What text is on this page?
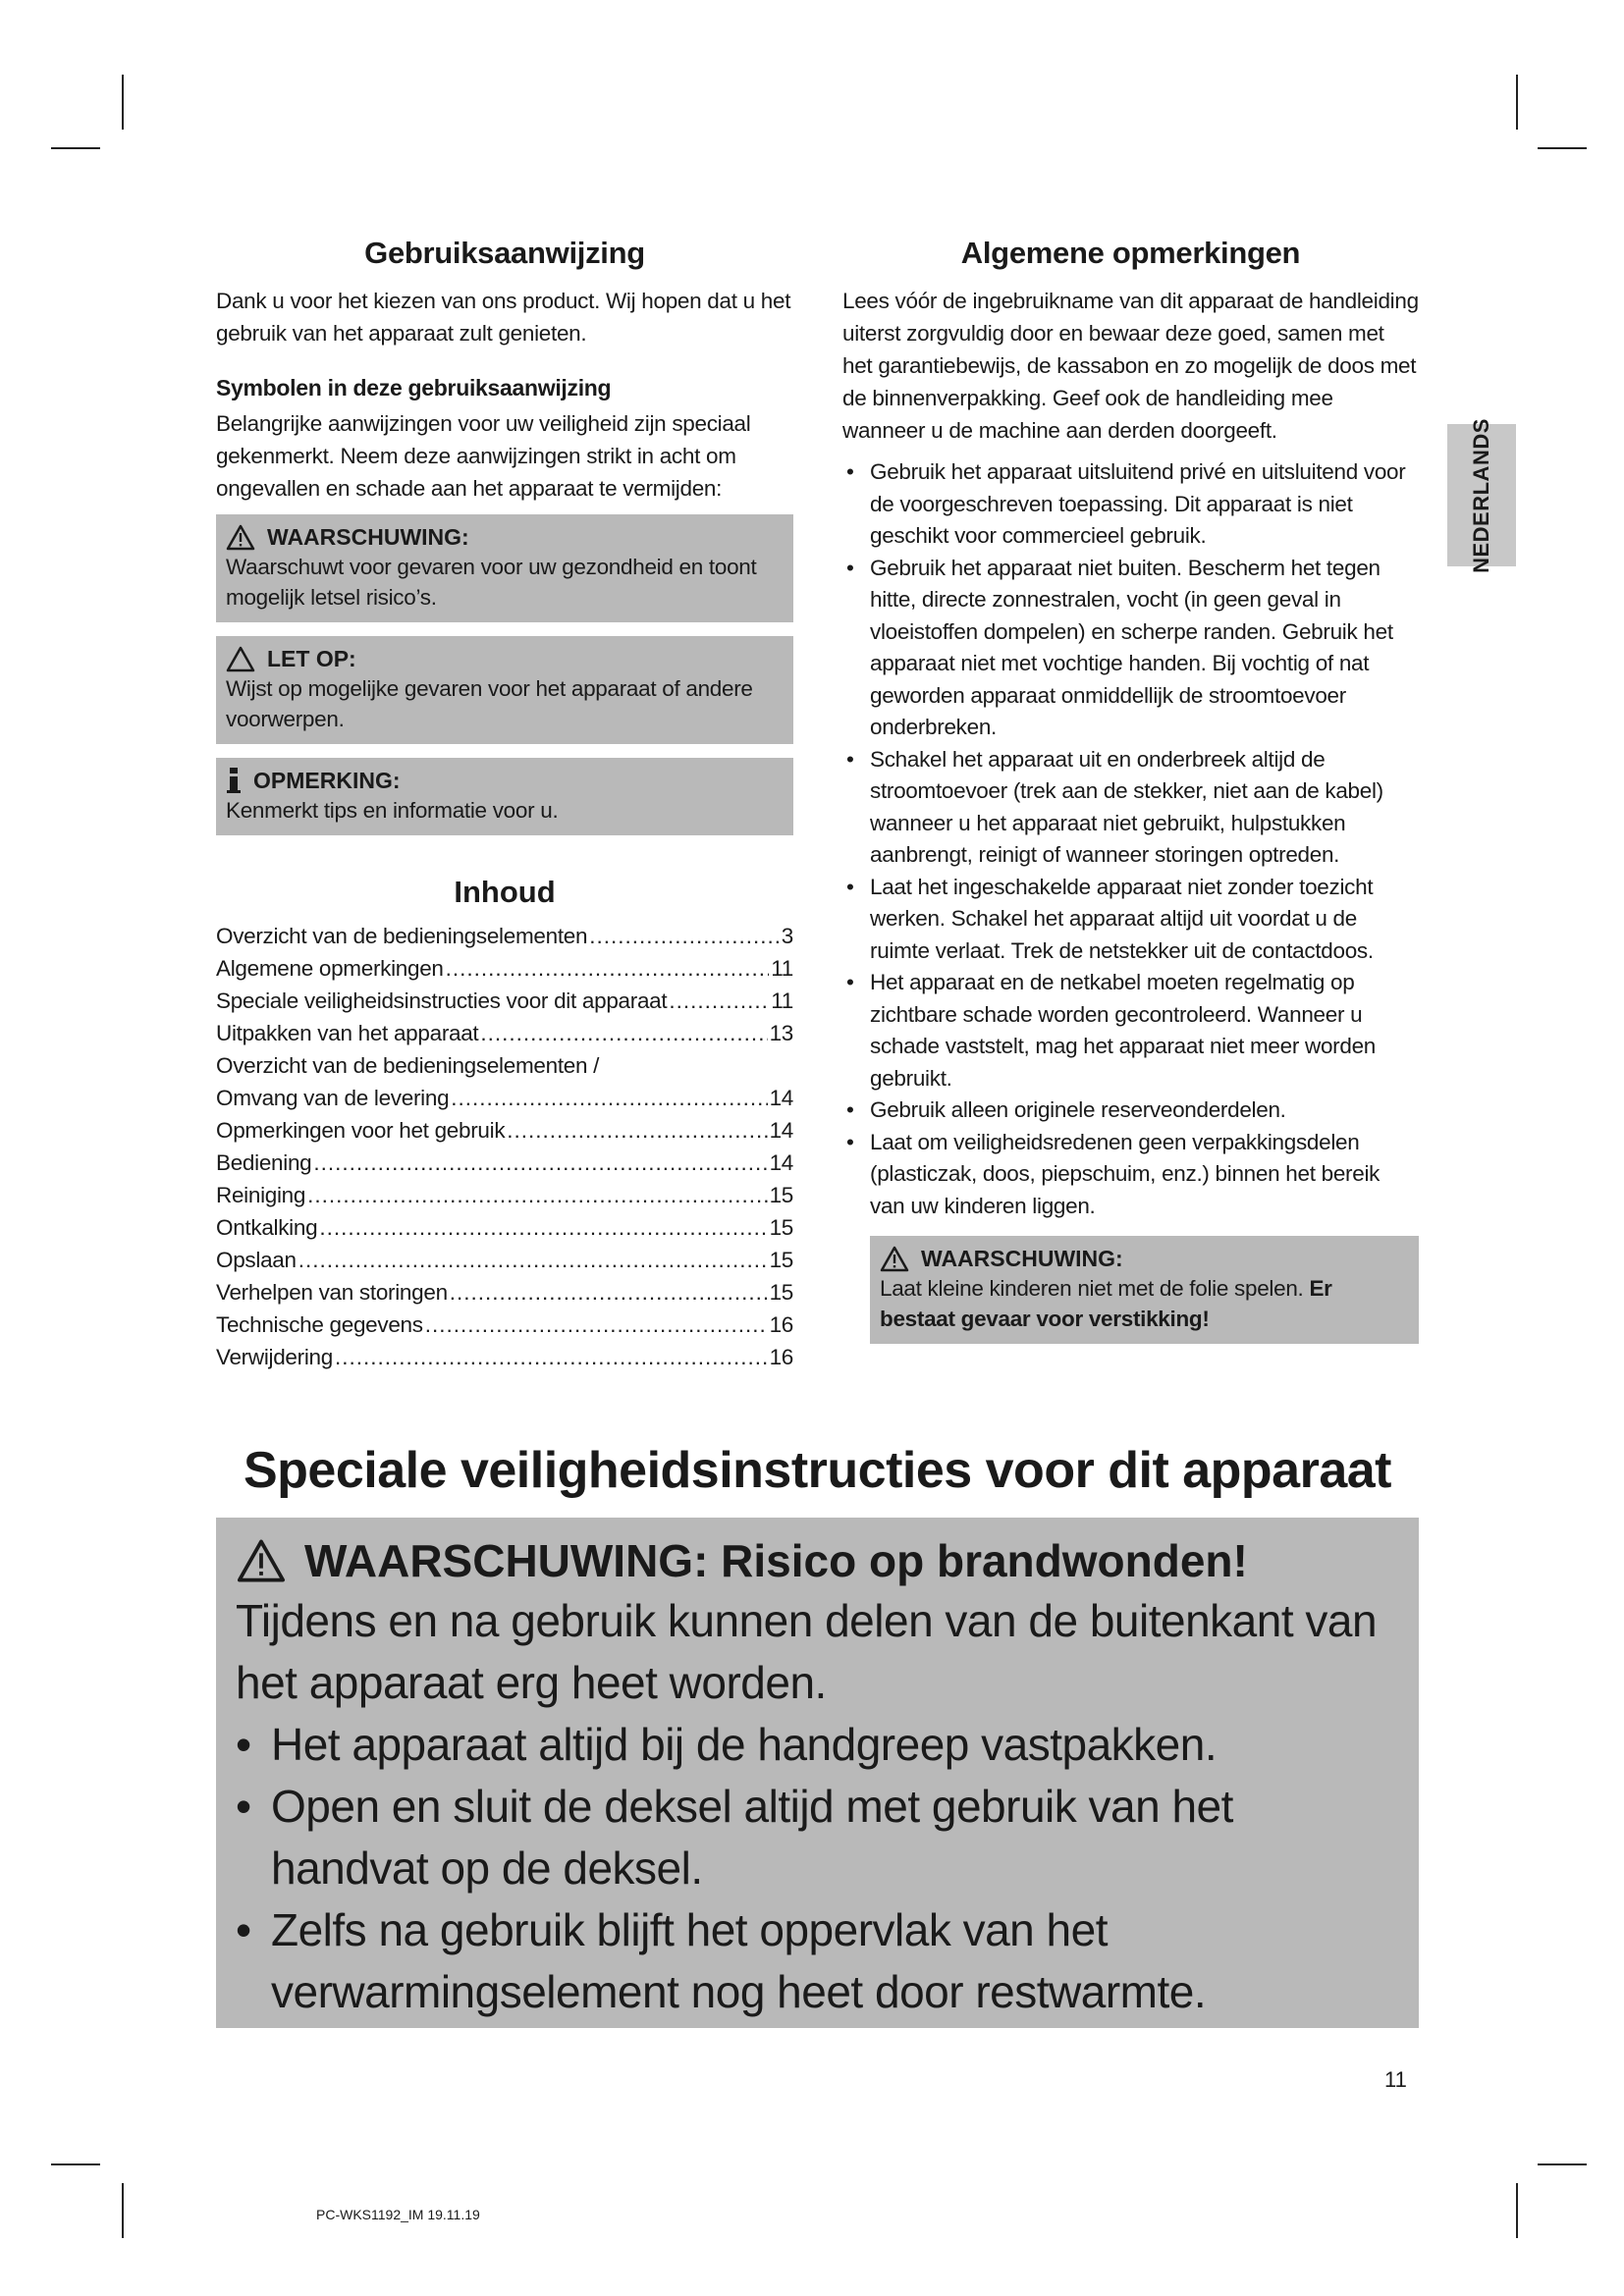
Gebruiksaanwijzing

Dank u voor het kiezen van ons product. Wij hopen dat u het gebruik van het apparaat zult genieten.

Symbolen in deze gebruiksaanwijzing

Belangrijke aanwijzingen voor uw veiligheid zijn speciaal gekenmerkt. Neem deze aanwijzingen strikt in acht om ongevallen en schade aan het apparaat te vermijden:

WAARSCHUWING:
Waarschuwt voor gevaren voor uw gezondheid en toont mogelijk letsel risico’s.
LET OP:
Wijst op mogelijke gevaren voor het apparaat of andere voorwerpen.
OPMERKING:
Kenmerkt tips en informatie voor u.
Inhoud
Overzicht van de bedieningselementen .....	3
Algemene opmerkingen .....	11
Speciale veiligheidsinstructies voor dit apparaat .....	11
Uitpakken van het apparaat .....	13
Overzicht van de bedieningselementen /
Omvang van de levering .....	14
Opmerkingen voor het gebruik .....	14
Bediening .....	14
Reiniging .....	15
Ontkalking .....	15
Opslaan .....	15
Verhelpen van storingen .....	15
Technische gegevens .....	16
Verwijdering .....	16
Algemene opmerkingen

Lees vóór de ingebruikname van dit apparaat de handleiding uiterst zorgvuldig door en bewaar deze goed, samen met het garantiebewijs, de kassabon en zo mogelijk de doos met de binnenverpakking. Geef ook de handleiding mee wanneer u de machine aan derden doorgeeft.

• Gebruik het apparaat uitsluitend privé en uitsluitend voor de voorgeschreven toepassing. Dit apparaat is niet geschikt voor commercieel gebruik.
• Gebruik het apparaat niet buiten. Bescherm het tegen hitte, directe zonnestralen, vocht (in geen geval in vloeistoffen dompelen) en scherpe randen. Gebruik het apparaat niet met vochtige handen. Bij vochtig of nat geworden apparaat onmiddellijk de stroomtoevoer onderbreken.
• Schakel het apparaat uit en onderbreek altijd de stroomtoevoer (trek aan de stekker, niet aan de kabel) wanneer u het apparaat niet gebruikt, hulpstukken aanbrengt, reinigt of wanneer storingen optreden.
• Laat het ingeschakelde apparaat niet zonder toezicht werken. Schakel het apparaat altijd uit voordat u de ruimte verlaat. Trek de netstekker uit de contactdoos.
• Het apparaat en de netkabel moeten regelmatig op zichtbare schade worden gecontroleerd. Wanneer u schade vaststelt, mag het apparaat niet meer worden gebruikt.
• Gebruik alleen originele reserveonderdelen.
• Laat om veiligheidsredenen geen verpakkingsdelen (plasticzak, doos, piepschuim, enz.) binnen het bereik van uw kinderen liggen.
WAARSCHUWING:
Laat kleine kinderen niet met de folie spelen. Er bestaat gevaar voor verstikking!
NEDERLANDS
Speciale veiligheidsinstructies voor dit apparaat
WAARSCHUWING: Risico op brandwonden!
Tijdens en na gebruik kunnen delen van de buitenkant van het apparaat erg heet worden.
• Het apparaat altijd bij de handgreep vastpakken.
• Open en sluit de deksel altijd met gebruik van het handvat op de deksel.
• Zelfs na gebruik blijft het oppervlak van het verwarmingselement nog heet door restwarmte.
11
PC-WKS1192_IM 19.11.19
